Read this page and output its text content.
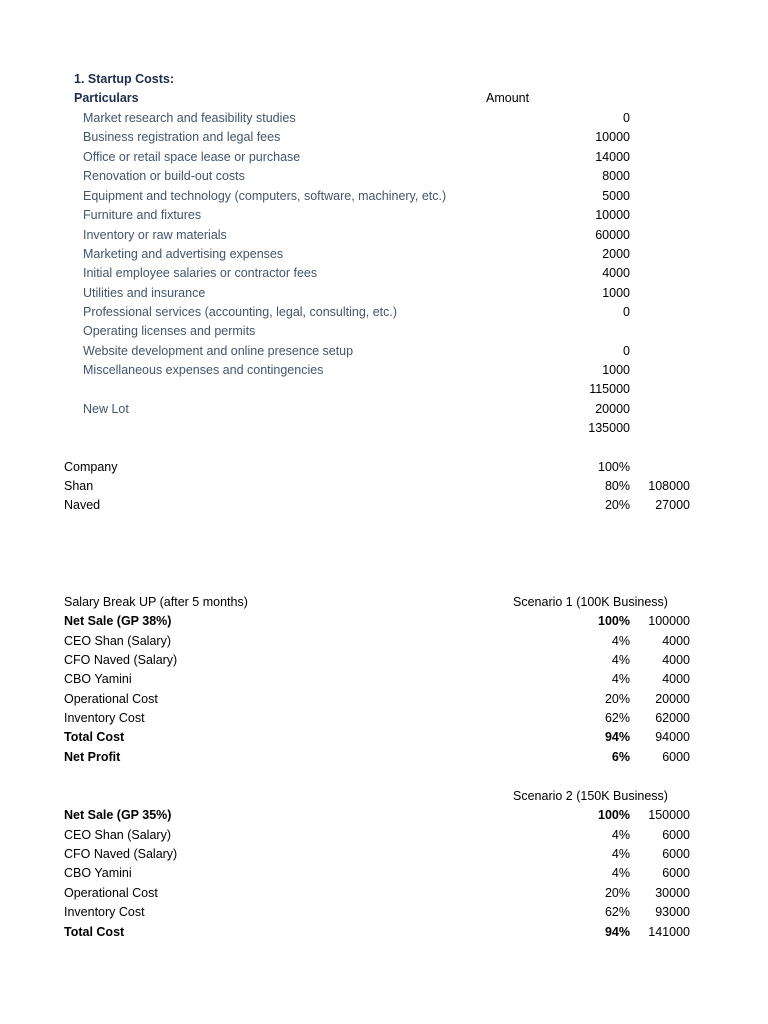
1. Startup Costs:
Particulars	Amount
Market research and feasibility studies	0
Business registration and legal fees	10000
Office or retail space lease or purchase	14000
Renovation or build-out costs	8000
Equipment and technology (computers, software, machinery, etc.)	5000
Furniture and fixtures	10000
Inventory or raw materials	60000
Marketing and advertising expenses	2000
Initial employee salaries or contractor fees	4000
Utilities and insurance	1000
Professional services (accounting, legal, consulting, etc.)	0
Operating licenses and permits
Website development and online presence setup	0
Miscellaneous expenses and contingencies	1000
115000
New Lot	20000
135000
Company	100%
Shan	80%	108000
Naved	20%	27000
Salary Break UP (after 5 months)	Scenario 1 (100K Business)
Net Sale (GP 38%)	100%	100000
CEO Shan (Salary)	4%	4000
CFO Naved (Salary)	4%	4000
CBO Yamini	4%	4000
Operational Cost	20%	20000
Inventory Cost	62%	62000
Total Cost	94%	94000
Net Profit	6%	6000
Scenario 2 (150K Business)
Net Sale (GP 35%)	100%	150000
CEO Shan (Salary)	4%	6000
CFO Naved (Salary)	4%	6000
CBO Yamini	4%	6000
Operational Cost	20%	30000
Inventory Cost	62%	93000
Total Cost	94%	141000
